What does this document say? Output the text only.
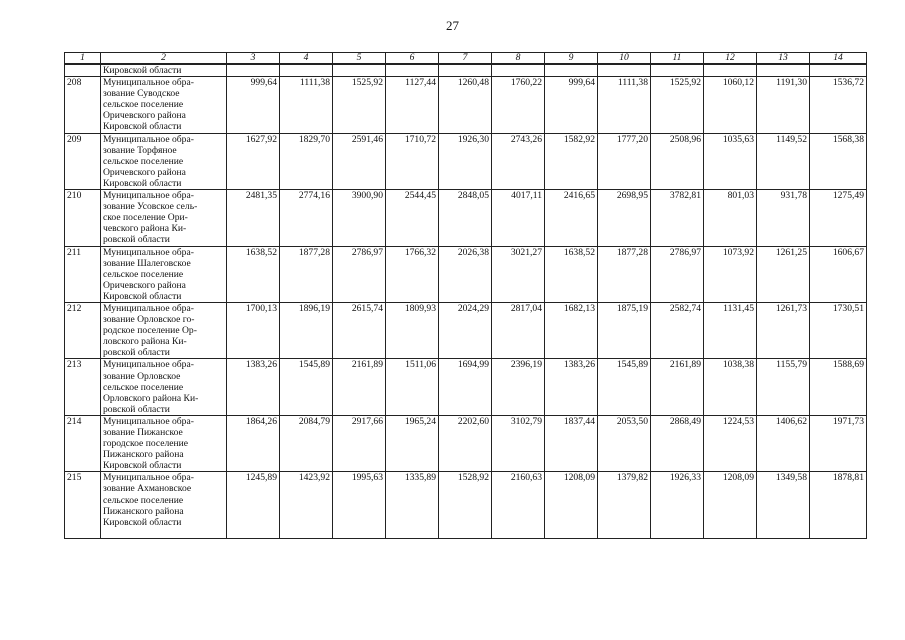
27
1	2	3	4	5	6	7	8	9	10	11	12	13	14
	Кировской области												
208	Муниципальное обра-
зование Суводское
сельское поселение
Оричевского района
Кировской области	999,64	1111,38	1525,92	1127,44	1260,48	1760,22	999,64	1111,38	1525,92	1060,12	1191,30	1536,72
209	Муниципальное обра-
зование Торфяное
сельское поселение
Оричевского района
Кировской области	1627,92	1829,70	2591,46	1710,72	1926,30	2743,26	1582,92	1777,20	2508,96	1035,63	1149,52	1568,38
210	Муниципальное обра-
зование Усовское сель-
ское поселение Ори-
чевского района Ки-
ровской области	2481,35	2774,16	3900,90	2544,45	2848,05	4017,11	2416,65	2698,95	3782,81	801,03	931,78	1275,49
211	Муниципальное обра-
зование Шалеговское
сельское поселение
Оричевского района
Кировской области	1638,52	1877,28	2786,97	1766,32	2026,38	3021,27	1638,52	1877,28	2786,97	1073,92	1261,25	1606,67
212	Муниципальное обра-
зование Орловское го-
родское поселение Ор-
ловского района Ки-
ровской области	1700,13	1896,19	2615,74	1809,93	2024,29	2817,04	1682,13	1875,19	2582,74	1131,45	1261,73	1730,51
213	Муниципальное обра-
зование Орловское
сельское поселение
Орловского района Ки-
ровской области	1383,26	1545,89	2161,89	1511,06	1694,99	2396,19	1383,26	1545,89	2161,89	1038,38	1155,79	1588,69
214	Муниципальное обра-
зование Пижанское
городское поселение
Пижанского района
Кировской области	1864,26	2084,79	2917,66	1965,24	2202,60	3102,79	1837,44	2053,50	2868,49	1224,53	1406,62	1971,73
215	Муниципальное обра-
зование Ахмановское
сельское поселение
Пижанского района
Кировской области	1245,89	1423,92	1995,63	1335,89	1528,92	2160,63	1208,09	1379,82	1926,33	1208,09	1349,58	1878,81
